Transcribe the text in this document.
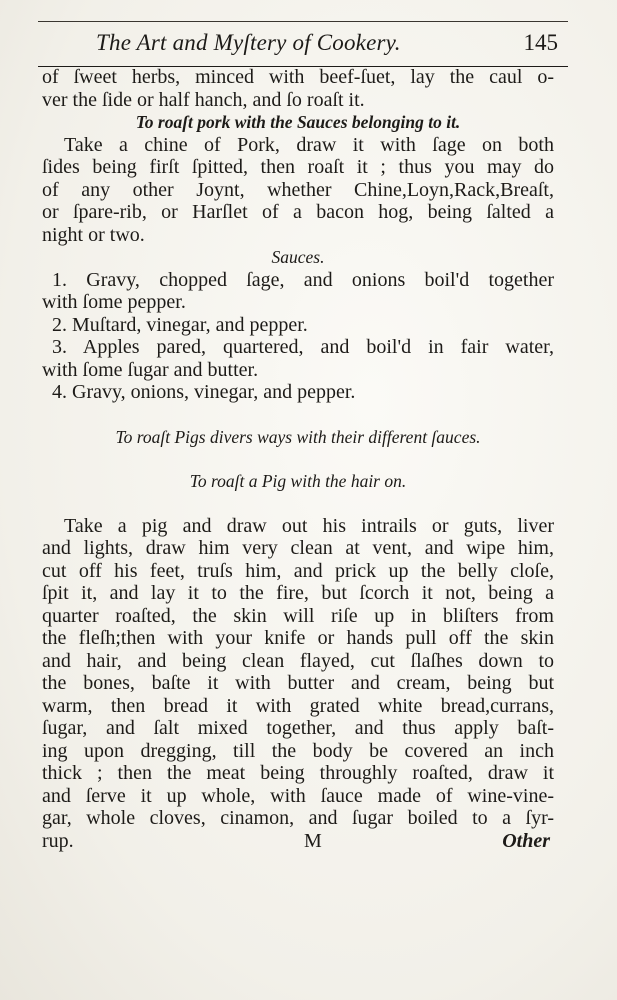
The Art and Myſtery of Cookery.	145
of ſweet herbs, minced with beef-ſuet, lay the caul o-
ver the ſide or half hanch, and ſo roaſt it.
To roaſt pork with the Sauces belonging to it.
Take a chine of Pork, draw it with ſage on both
ſides being firſt ſpitted, then roaſt it ; thus you may do
of any other Joynt, whether Chine,Loyn,Rack,Breaſt,
or ſpare-rib, or Harſlet of a bacon hog, being ſalted a
night or two.
Sauces.
1. Gravy, chopped ſage, and onions boil'd together
with ſome pepper.
2. Muſtard, vinegar, and pepper.
3. Apples pared, quartered, and boil'd in fair water,
with ſome ſugar and butter.
4. Gravy, onions, vinegar, and pepper.
To roaſt Pigs divers ways with their different ſauces.
To roaſt a Pig with the hair on.
Take a pig and draw out his intrails or guts, liver
and lights, draw him very clean at vent, and wipe him,
cut off his feet, truſs him, and prick up the belly cloſe,
ſpit it, and lay it to the fire, but ſcorch it not, being a
quarter roaſted, the skin will riſe up in bliſters from
the fleſh;then with your knife or hands pull off the skin
and hair, and being clean flayed, cut ſlaſhes down to
the bones, baſte it with butter and cream, being but
warm, then bread it with grated white bread,currans,
ſugar, and ſalt mixed together, and thus apply baſt-
ing upon dregging, till the body be covered an inch
thick ; then the meat being throughly roaſted, draw it
and ſerve it up whole, with ſauce made of wine-vine-
gar, whole cloves, cinamon, and ſugar boiled to a ſyr-
rup.	M	Other
